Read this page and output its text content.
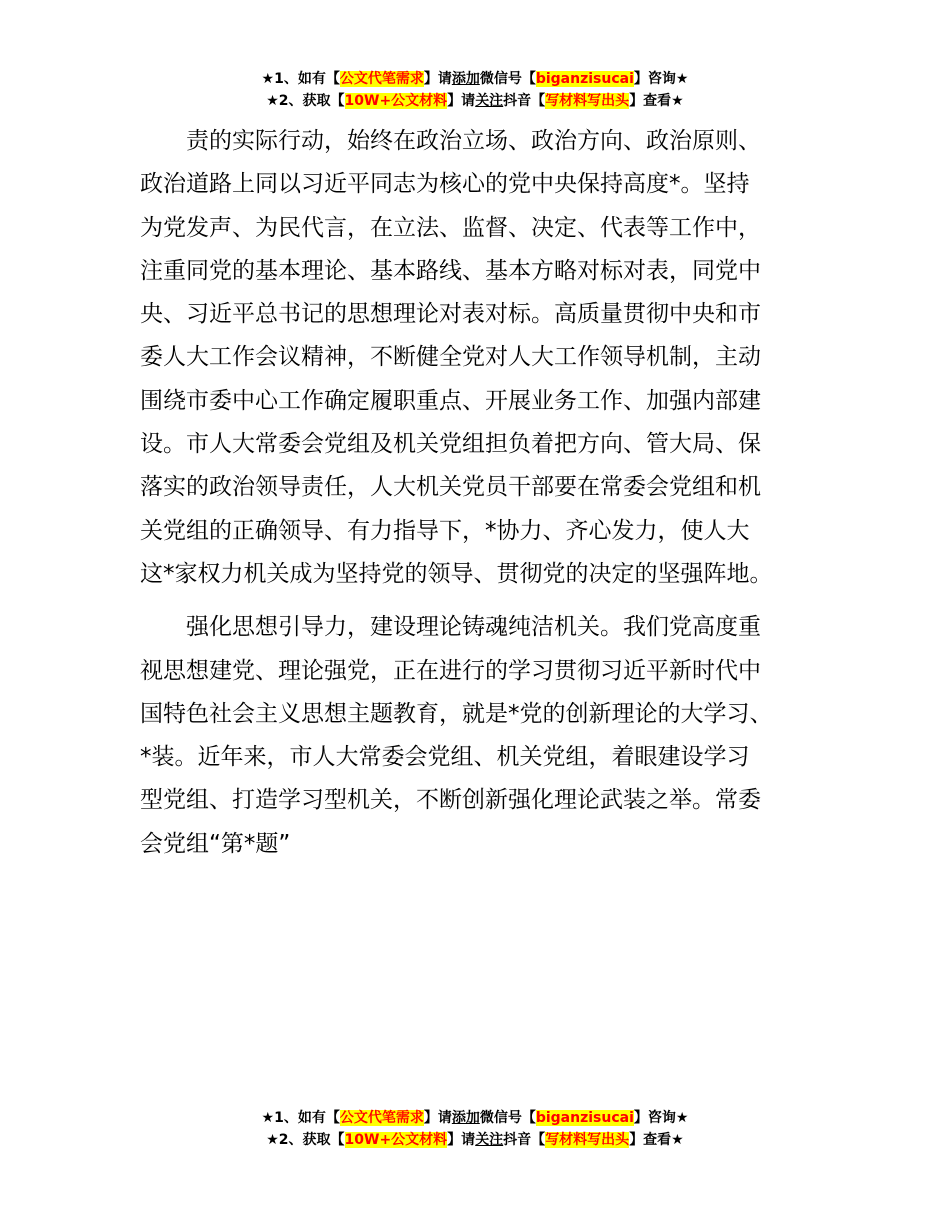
★1、如有【公文代笔需求】请添加微信号【biganzisucai】咨询★
★2、获取【10W+公文材料】请关注抖音【写材料写出头】查看★

　　责的实际行动，始终在政治立场、政治方向、政治原则、
政治道路上同以习近平同志为核心的党中央保持高度*。坚持
为党发声、为民代言，在立法、监督、决定、代表等工作中，
注重同党的基本理论、基本路线、基本方略对标对表，同党中
央、习近平总书记的思想理论对表对标。高质量贯彻中央和市
委人大工作会议精神，不断健全党对人大工作领导机制，主动
围绕市委中心工作确定履职重点、开展业务工作、加强内部建
设。市人大常委会党组及机关党组担负着把方向、管大局、保
落实的政治领导责任，人大机关党员干部要在常委会党组和机
关党组的正确领导、有力指导下，*协力、齐心发力，使人大
这*家权力机关成为坚持党的领导、贯彻党的决定的坚强阵地。

　　强化思想引导力，建设理论铸魂纯洁机关。我们党高度重
视思想建党、理论强党，正在进行的学习贯彻习近平新时代中
国特色社会主义思想主题教育，就是*党的创新理论的大学习、
*装。近年来，市人大常委会党组、机关党组，着眼建设学习
型党组、打造学习型机关，不断创新强化理论武装之举。常委
会党组“第*题”

★1、如有【公文代笔需求】请添加微信号【biganzisucai】咨询★
★2、获取【10W+公文材料】请关注抖音【写材料写出头】查看★
